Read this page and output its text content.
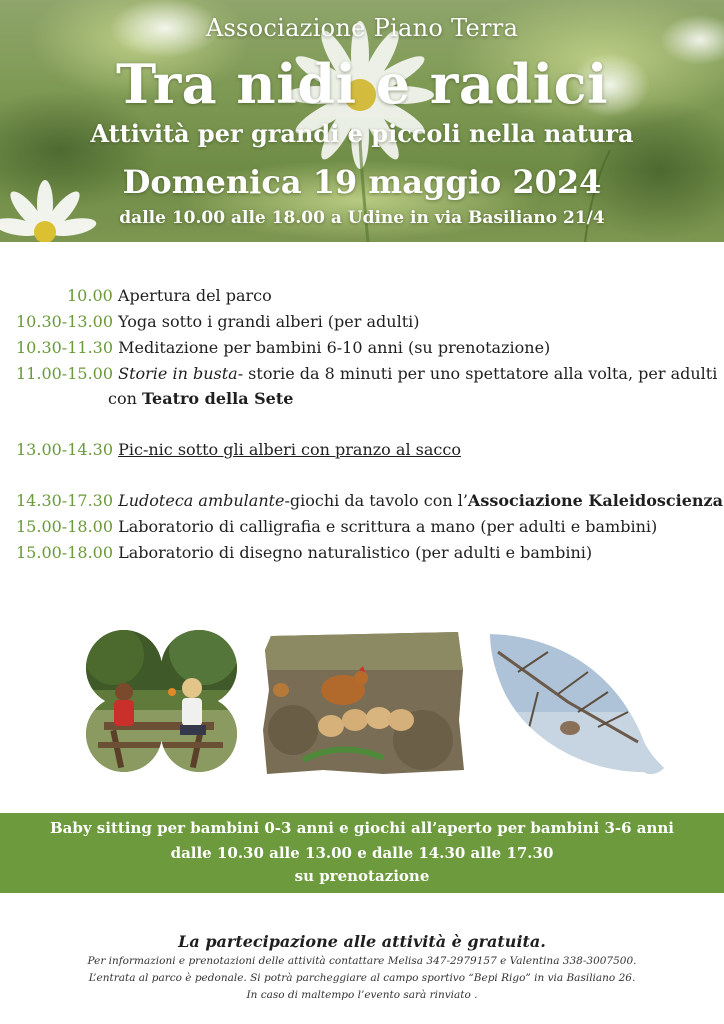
Associazione Piano Terra
Tra nidi e radici
Attività per grandi e piccoli nella natura
Domenica 19 maggio 2024
dalle 10.00 alle 18.00 a Udine in via Basiliano 21/4
10.00 Apertura del parco
10.30-13.00 Yoga sotto i grandi alberi (per adulti)
10.30-11.30 Meditazione per bambini 6-10 anni (su prenotazione)
11.00-15.00 Storie in busta- storie da 8 minuti per uno spettatore alla volta, per adulti
con Teatro della Sete
13.00-14.30 Pic-nic sotto gli alberi con pranzo al sacco
14.30-17.30 Ludoteca ambulante-giochi da tavolo con l’Associazione Kaleidoscienza
15.00-18.00 Laboratorio di calligrafia e scrittura a mano (per adulti e bambini)
15.00-18.00 Laboratorio di disegno naturalistico (per adulti e bambini)
Baby sitting per bambini 0-3 anni e giochi all’aperto per bambini 3-6 anni
dalle 10.30 alle 13.00 e dalle 14.30 alle 17.30
su prenotazione
La partecipazione alle attività è gratuita.
Per informazioni e prenotazioni delle attività contattare Melisa 347-2979157 e Valentina 338-3007500.
L’entrata al parco è pedonale. Si potrà parcheggiare al campo sportivo “Bepi Rigo” in via Basiliano 26.
In caso di maltempo l’evento sarà rinviato .
